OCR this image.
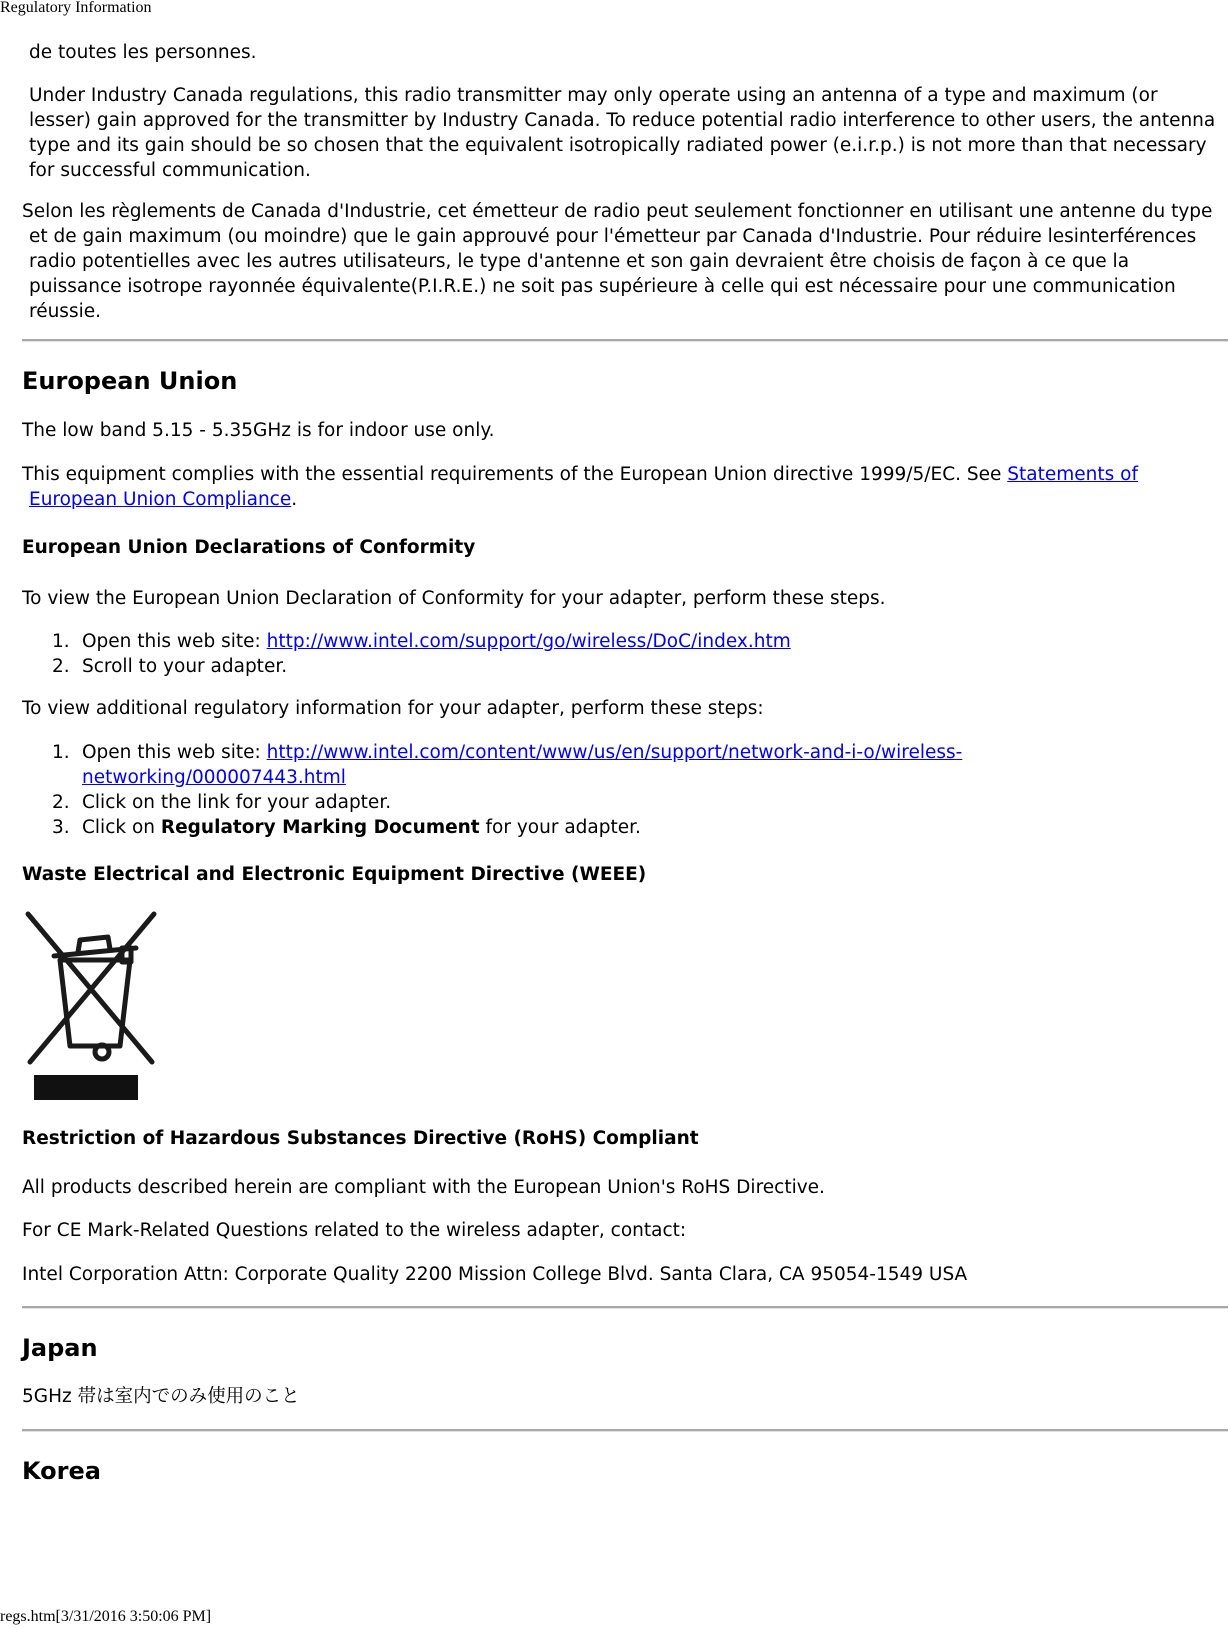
Regulatory Information

de toutes les personnes.

Under Industry Canada regulations, this radio transmitter may only operate using an antenna of a type and maximum (or lesser) gain approved for the transmitter by Industry Canada. To reduce potential radio interference to other users, the antenna type and its gain should be so chosen that the equivalent isotropically radiated power (e.i.r.p.) is not more than that necessary for successful communication.

Selon les règlements de Canada d'Industrie, cet émetteur de radio peut seulement fonctionner en utilisant une antenne du type et de gain maximum (ou moindre) que le gain approuvé pour l'émetteur par Canada d'Industrie. Pour réduire lesinterférences radio potentielles avec les autres utilisateurs, le type d'antenne et son gain devraient être choisis de façon à ce que la puissance isotrope rayonnée équivalente(P.I.R.E.) ne soit pas supérieure à celle qui est nécessaire pour une communication réussie.

European Union

The low band 5.15 - 5.35GHz is for indoor use only.

This equipment complies with the essential requirements of the European Union directive 1999/5/EC. See Statements of European Union Compliance.

European Union Declarations of Conformity

To view the European Union Declaration of Conformity for your adapter, perform these steps.

1. Open this web site: http://www.intel.com/support/go/wireless/DoC/index.htm
2. Scroll to your adapter.

To view additional regulatory information for your adapter, perform these steps:

1. Open this web site: http://www.intel.com/content/www/us/en/support/network-and-i-o/wireless-networking/000007443.html
2. Click on the link for your adapter.
3. Click on Regulatory Marking Document for your adapter.
Waste Electrical and Electronic Equipment Directive (WEEE)
Restriction of Hazardous Substances Directive (RoHS) Compliant

All products described herein are compliant with the European Union's RoHS Directive.

For CE Mark-Related Questions related to the wireless adapter, contact:

Intel Corporation Attn: Corporate Quality 2200 Mission College Blvd. Santa Clara, CA 95054-1549 USA

Japan

5GHz 帯は室内でのみ使用のこと

Korea
regs.htm[3/31/2016 3:50:06 PM]
